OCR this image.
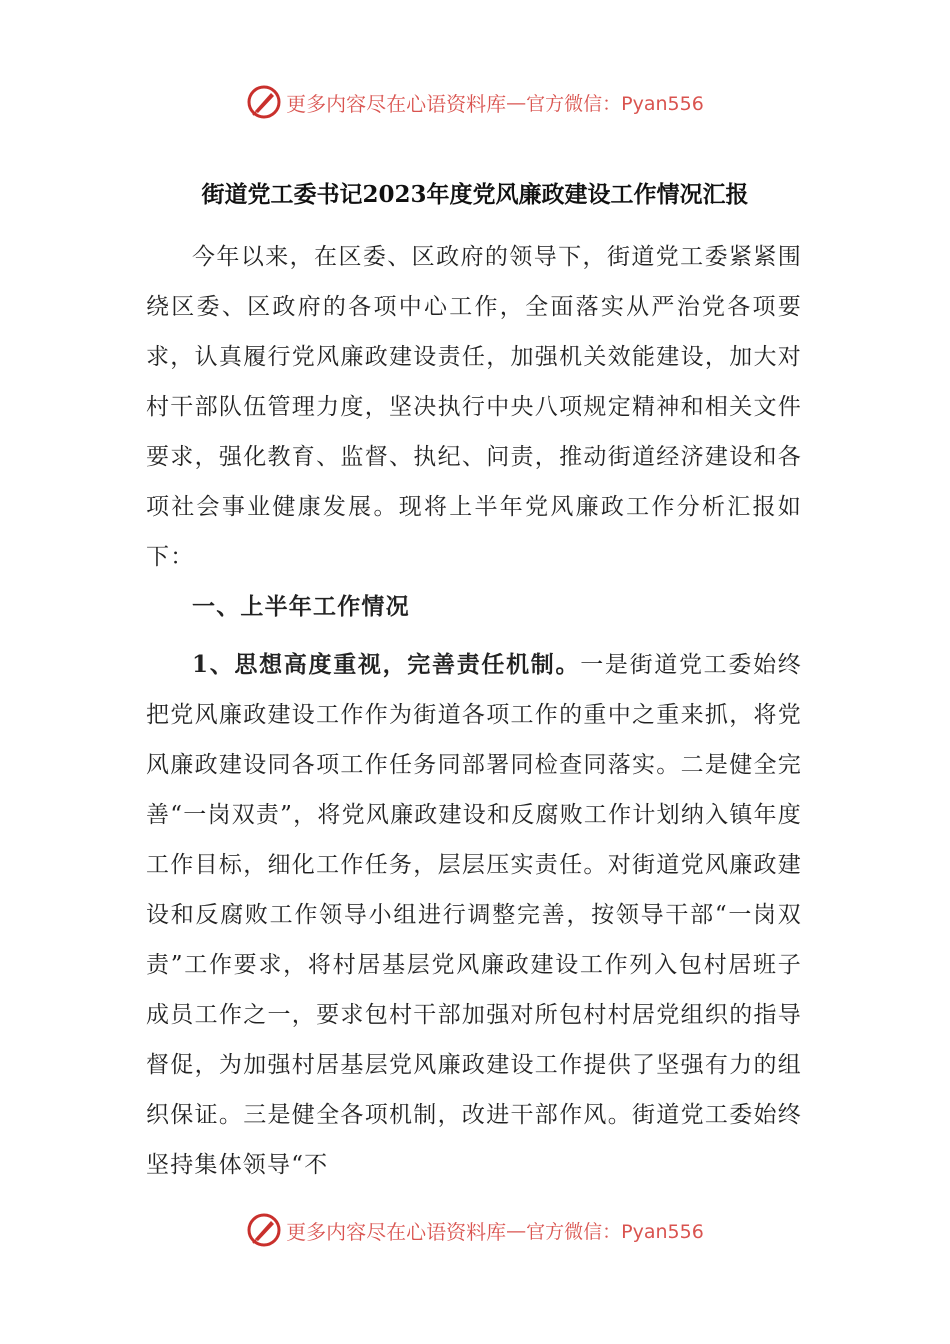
更多内容尽在心语资料库 — 官方微信：Pyan556
街道党工委书记2023年度党风廉政建设工作情况汇报

今年以来，在区委、区政府的领导下，街道党工委紧紧围绕区委、区政府的各项中心工作，全面落实从严治党各项要求，认真履行党风廉政建设责任，加强机关效能建设，加大对村干部队伍管理力度，坚决执行中央八项规定精神和相关文件要求，强化教育、监督、执纪、问责，推动街道经济建设和各项社会事业健康发展。现将上半年党风廉政工作分析汇报如下：

一、上半年工作情况

1、思想高度重视，完善责任机制。一是街道党工委始终把党风廉政建设工作作为街道各项工作的重中之重来抓，将党风廉政建设同各项工作任务同部署同检查同落实。二是健全完善“一岗双责”，将党风廉政建设和反腐败工作计划纳入镇年度工作目标，细化工作任务，层层压实责任。对街道党风廉政建设和反腐败工作领导小组进行调整完善，按领导干部“一岗双责”工作要求，将村居基层党风廉政建设工作列入包村居班子成员工作之一，要求包村干部加强对所包村村居党组织的指导督促，为加强村居基层党风廉政建设工作提供了坚强有力的组织保证。三是健全各项机制，改进干部作风。街道党工委始终坚持集体领导“不

更多内容尽在心语资料库 — 官方微信：Pyan556
